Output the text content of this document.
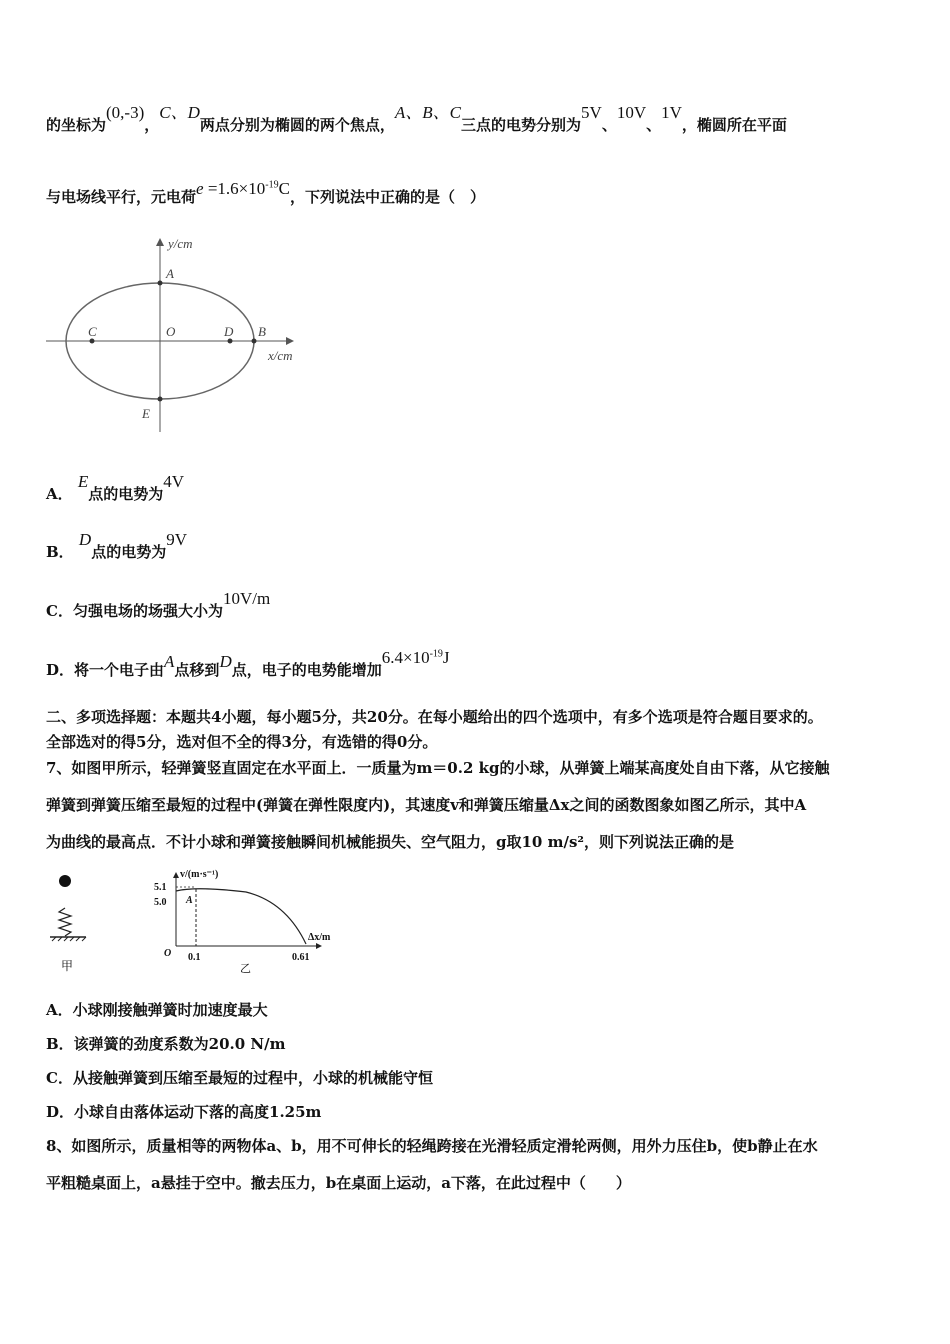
的坐标为(0,-3)，C、D两点分别为椭圆的两个焦点，A、B、C三点的电势分别为5V、10V、1V，椭圆所在平面
与电场线平行，元电荷$e =1.6\times 10^{-19}C$，下列说法中正确的是（　）
y/cm
x/cm
A
C	O	D B
E
A． E点的电势为4V
B． D点的电势为9V
C．匀强电场的场强大小为10V/m
D．将一个电子由A点移到D点，电子的电势能增加$6.4\times 10^{-19}J$
二、多项选择题：本题共4小题，每小题5分，共20分。在每小题给出的四个选项中，有多个选项是符合题目要求的。
全部选对的得5分，选对但不全的得3分，有选错的得0分。
7、如图甲所示，轻弹簧竖直固定在水平面上．一质量为m＝0.2 kg的小球，从弹簧上端某高度处自由下落，从它接触
弹簧到弹簧压缩至最短的过程中(弹簧在弹性限度内)，其速度v和弹簧压缩量Δx之间的函数图象如图乙所示，其中A
为曲线的最高点．不计小球和弹簧接触瞬间机械能损失、空气阻力，g取10 m/s²，则下列说法正确的是
甲
v/(m·s⁻¹)
Δx/m
5.1
5.0 A
O 0.1	0.61
乙
A．小球刚接触弹簧时加速度最大
B．该弹簧的劲度系数为20.0 N/m
C．从接触弹簧到压缩至最短的过程中，小球的机械能守恒
D．小球自由落体运动下落的高度1.25m
8、如图所示，质量相等的两物体a、b，用不可伸长的轻绳跨接在光滑轻质定滑轮两侧，用外力压住b，使b静止在水
平粗糙桌面上，a悬挂于空中。撤去压力，b在桌面上运动，a下落，在此过程中（　　）
